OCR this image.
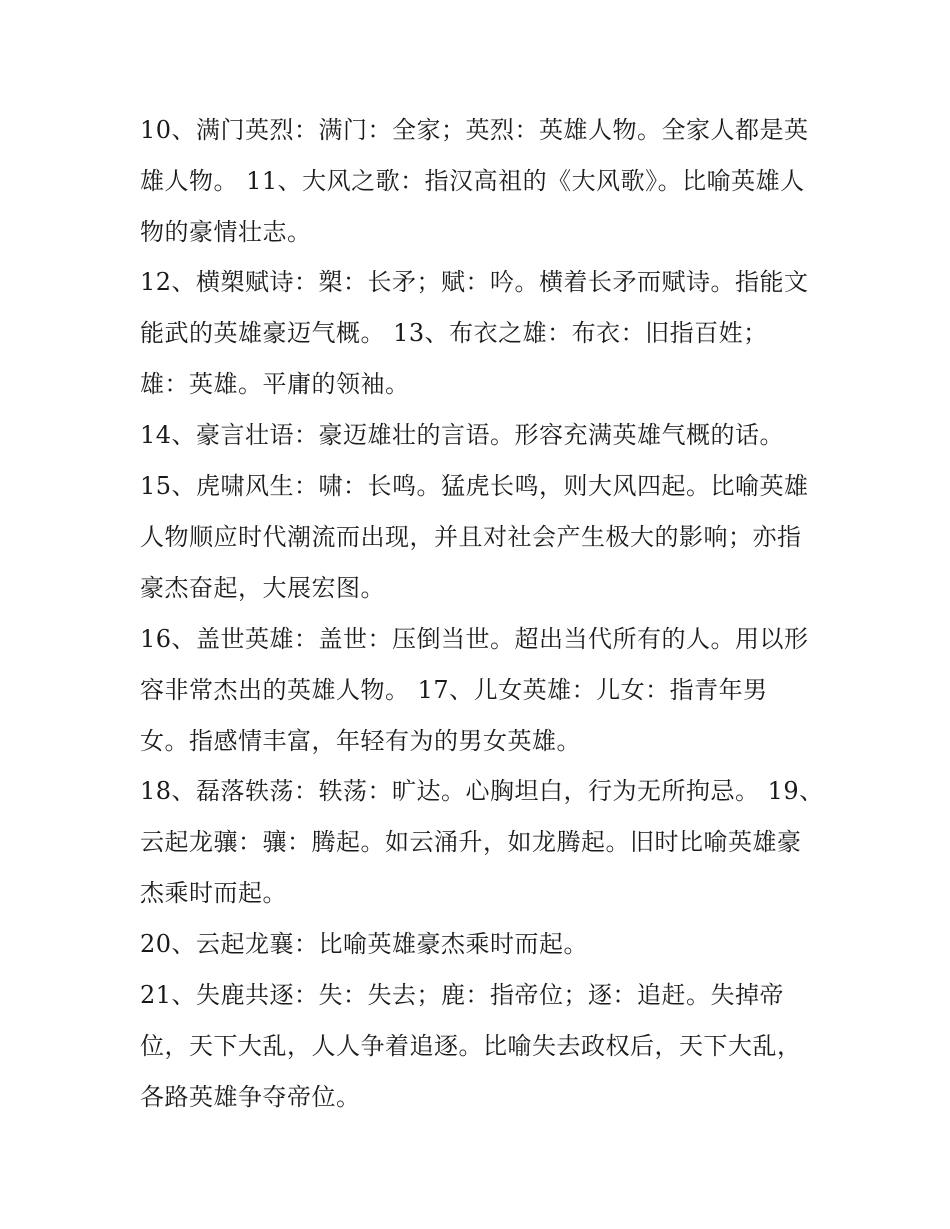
10、满门英烈：满门：全家；英烈：英雄人物。全家人都是英
雄人物。 11、大风之歌：指汉高祖的《大风歌》。比喻英雄人
物的豪情壮志。
12、横槊赋诗：槊：长矛；赋：吟。横着长矛而赋诗。指能文
能武的英雄豪迈气概。 13、布衣之雄：布衣：旧指百姓；
雄：英雄。平庸的领袖。
14、豪言壮语：豪迈雄壮的言语。形容充满英雄气概的话。
15、虎啸风生：啸：长鸣。猛虎长鸣，则大风四起。比喻英雄
人物顺应时代潮流而出现，并且对社会产生极大的影响；亦指
豪杰奋起，大展宏图。
16、盖世英雄：盖世：压倒当世。超出当代所有的人。用以形
容非常杰出的英雄人物。 17、儿女英雄：儿女：指青年男
女。指感情丰富，年轻有为的男女英雄。
18、磊落轶荡：轶荡：旷达。心胸坦白，行为无所拘忌。 19、
云起龙骧：骧：腾起。如云涌升，如龙腾起。旧时比喻英雄豪
杰乘时而起。
20、云起龙襄：比喻英雄豪杰乘时而起。
21、失鹿共逐：失：失去；鹿：指帝位；逐：追赶。失掉帝
位，天下大乱，人人争着追逐。比喻失去政权后，天下大乱，
各路英雄争夺帝位。
